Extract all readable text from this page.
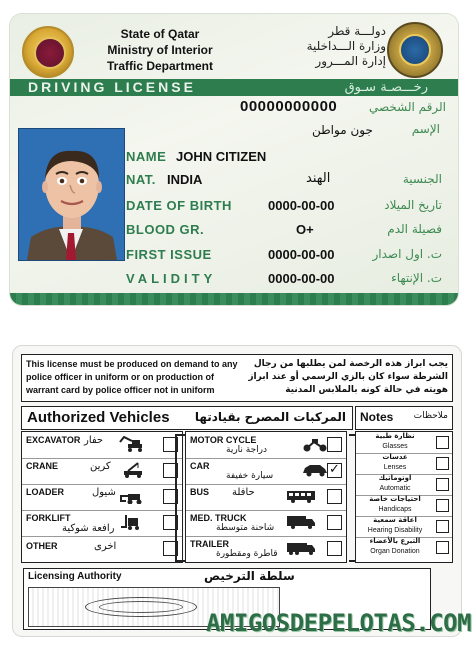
State of Qatar
Ministry of Interior
Traffic Department
دولـــة قطر
وزارة الـــداخلية
إدارة المـــرور
DRIVING LICENSE	رخـــصـة سـوق
00000000000	الرقم الشخصي
جون مواطن	الإسم
NAME JOHN CITIZEN
NAT. INDIA	الهند	الجنسية
DATE OF BIRTH	0000-00-00	تاريخ الميلاد
BLOOD GR.	O+	فصيلة الدم
FIRST ISSUE	0000-00-00	ت. اول اصدار
VALIDITY	0000-00-00	ت. الإنتهاء
This license must be produced on demand to any police officer in uniform or on production of warrant card by police officer not in uniform
يجب ابراز هذه الرخصة لمن يطلبها من رجال الشرطة سواء كان بالزي الرسمي أو عند ابراز هويته في حالة كونه بالملابس المدنية
Authorized Vehicles المركبات المصرح بقيادتها Notes ملاحظات
EXCAVATOR حفار
CRANE	كرين
LOADER	شيول
FORKLIFT
رافعة شوكية
OTHER	اخرى
MOTOR CYCLE
دراجة نارية
CAR
سيارة خفيفة	✓
BUS حافلة
MED. TRUCK
شاحنة متوسطة
TRAILER
قاطرة ومقطورة
نظارة طبية
Glasses
عدسات
Lenses
اوتوماتيك
Automatic
احتياجات خاصة
Handicaps
اعاقة سمعية
Hearing Disability
التبرع بالأعضاء
Organ Donation
Licensing Authority	سلطة الترخيص
AMIGOSDEPELOTAS.COM
